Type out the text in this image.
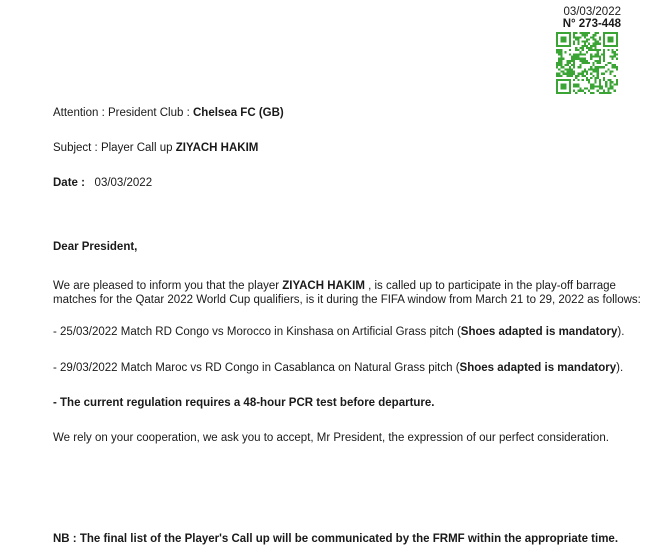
03/03/2022
N° 273-448
Attention : President Club : Chelsea FC (GB)
Subject : Player Call up ZIYACH HAKIM
Date : 03/03/2022
Dear President,
We are pleased to inform you that the player ZIYACH HAKIM , is called up to participate in the play-off barrage
matches for the Qatar 2022 World Cup qualifiers, is it during the FIFA window from March 21 to 29, 2022 as follows:
- 25/03/2022 Match RD Congo vs Morocco in Kinshasa on Artificial Grass pitch (Shoes adapted is mandatory).
- 29/03/2022 Match Maroc vs RD Congo in Casablanca on Natural Grass pitch (Shoes adapted is mandatory).
- The current regulation requires a 48-hour PCR test before departure.
We rely on your cooperation, we ask you to accept, Mr President, the expression of our perfect consideration.
NB : The final list of the Player's Call up will be communicated by the FRMF within the appropriate time.
